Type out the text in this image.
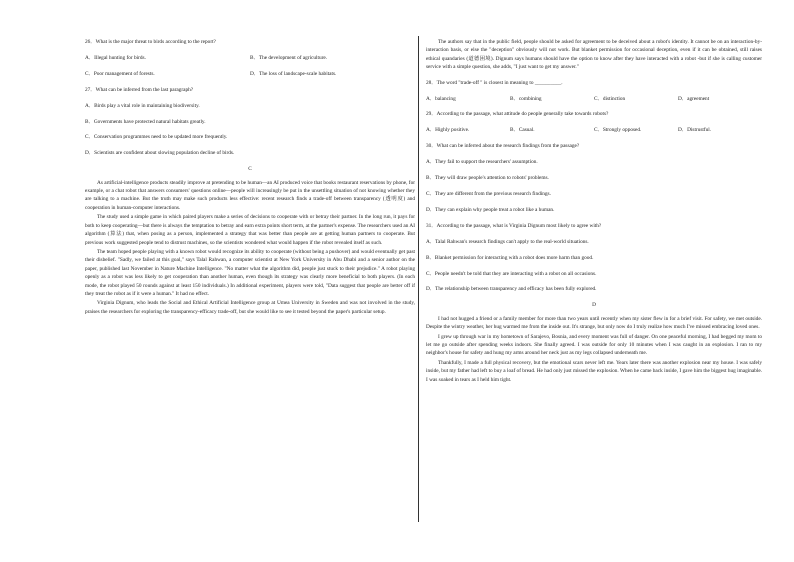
26．What is the major threat to birds according to the report?
A．Illegal hunting for birds.	B．The development of agriculture.
C．Poor management of forests.	D．The loss of landscape-scale habitats.
27．What can be inferred from the last paragraph?
A．Birds play a vital role in maintaining biodiversity.
B．Governments have protected natural habitats greatly.
C．Conservation programmes need to be updated more frequently.
D．Scientists are confident about slowing population decline of birds.
C
As artificial-intelligence products steadily improve at pretending to be human—an AI produced voice that books restaurant reservations by phone, for example, or a chat robot that answers consumers' questions online—people will increasingly be put in the unsettling situation of not knowing whether they are talking to a machine. But the truth may make such products less effective: recent research finds a trade-off between transparency (透明度) and cooperation in human-computer interactions.
The study used a simple game in which paired players make a series of decisions to cooperate with or betray their partner. In the long run, it pays for both to keep cooperating—but there is always the temptation to betray and earn extra points short term, at the partner's expense. The researchers used an AI algorithm (算法) that, when posing as a person, implemented a strategy that was better than people are at getting human partners to cooperate. But previous work suggested people tend to distrust machines, so the scientists wondered what would happen if the robot revealed itself as such.
The team hoped people playing with a known robot would recognize its ability to cooperate (without being a pushover) and would eventually get past their disbelief. "Sadly, we failed at this goal," says Talal Rahwan, a computer scientist at New York University in Abu Dhabi and a senior author on the paper, published last November in Nature Machine Intelligence. "No matter what the algorithm did, people just stuck to their prejudice." A robot playing openly as a robot was less likely to get cooperation than another human, even though its strategy was clearly more beneficial to both players. (In each mode, the robot played 50 rounds against at least 150 individuals.) In additional experiment, players were told, "Data suggest that people are better off if they treat the robot as if it were a human." It had no effect.
Virginia Dignum, who leads the Social and Ethical Artificial Intelligence group at Umea University in Sweden and was not involved in the study, praises the researchers for exploring the transparency-efficacy trade-off, but she would like to see it tested beyond the paper's particular setup.
The authors say that in the public field, people should be asked for agreement to be deceived about a robot's identity. It cannot be on an interaction-by-interaction basis, or else the "deception" obviously will not work. But blanket permission for occasional deception, even if it can be obtained, still raises ethical quandaries (道德困境). Dignum says humans should have the option to know after they have interacted with a robot -but if she is calling customer service with a simple question, she adds, "I just want to get my answer."
28．The word "trade-off " is closest in meaning to __________.
A．balancing	B．combining	C．distinction	D．agreement
29．According to the passage, what attitude do people generally take towards robots?
A．Highly positive.	B．Casual.	C．Strongly opposed.	D．Distrustful.
30．What can be inferred about the research findings from the passage?
A．They fail to support the researchers' assumption.
B．They will draw people's attention to robots' problems.
C．They are different from the previous research findings.
D．They can explain why people treat a robot like a human.
31．According to the passage, what is Virginia Dignum most likely to agree with?
A．Talal Rahwan's research findings can't apply to the real-world situations.
B．Blanket permission for interacting with a robot does more harm than good.
C．People needn't be told that they are interacting with a robot on all occasions.
D．The relationship between transparency and efficacy has been fully explored.
D
I had not hugged a friend or a family member for more than two years until recently when my sister flew in for a brief visit. For safety, we met outside. Despite the wintry weather, her hug warmed me from the inside out. It's strange, but only now do I truly realize how much I've missed embracing loved ones.
I grew up through war in my hometown of Sarajevo, Bosnia, and every moment was full of danger. On one peaceful morning, I had begged my mom to let me go outside after spending weeks indoors. She finally agreed. I was outside for only 10 minutes when I was caught in an explosion. I ran to my neighbor's house for safety and hung my arms around her neck just as my legs collapsed underneath me.
Thankfully, I made a full physical recovery, but the emotional scars never left me. Years later there was another explosion near my house. I was safely inside, but my father had left to buy a loaf of bread. He had only just missed the explosion. When he came back inside, I gave him the biggest hug imaginable. I was soaked in tears as I held him tight.
